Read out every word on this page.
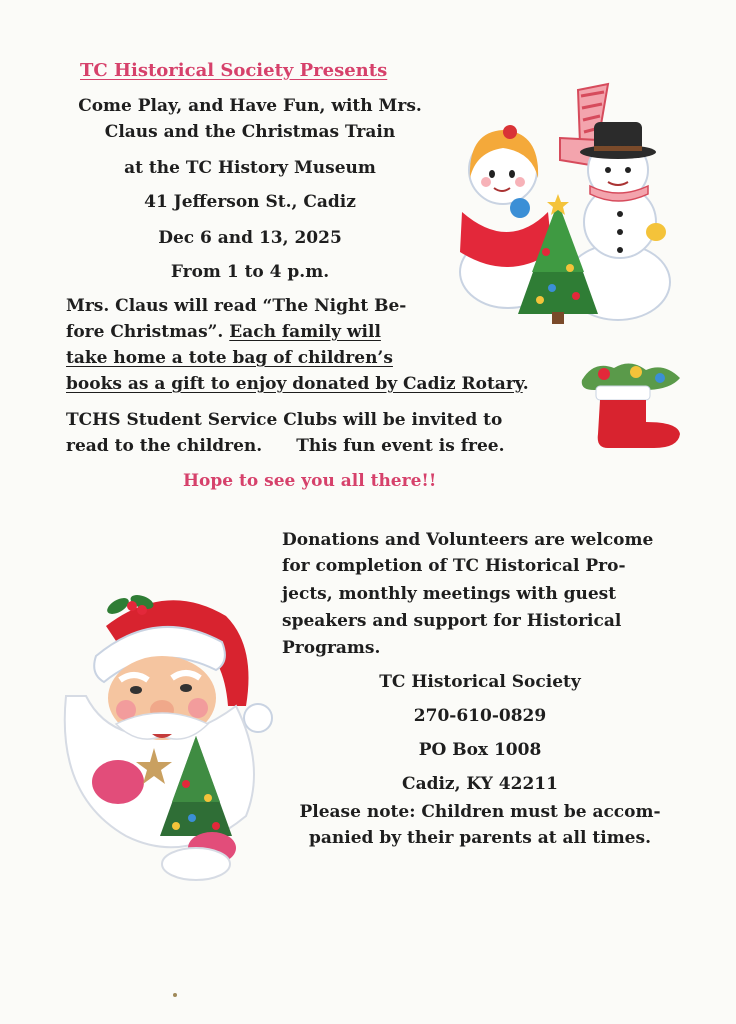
TC Historical Society Presents
Come Play, and Have Fun, with Mrs.
Claus and the Christmas Train
at the TC History Museum
41 Jefferson St., Cadiz
Dec 6 and 13, 2025
From 1 to 4 p.m.
Mrs. Claus will read “The Night Be-
fore Christmas”. Each family will
take home a tote bag of children’s
books as a gift to enjoy donated by Cadiz Rotary.
TCHS Student Service Clubs will be invited to
read to the children. This fun event is free.
Hope to see you all there!!
Donations and Volunteers are welcome
for completion of TC Historical Pro-
jects, monthly meetings with guest
speakers and support for Historical
Programs.
TC Historical Society
270-610-0829
PO Box 1008
Cadiz, KY 42211
Please note: Children must be accom-
panied by their parents at all times.
